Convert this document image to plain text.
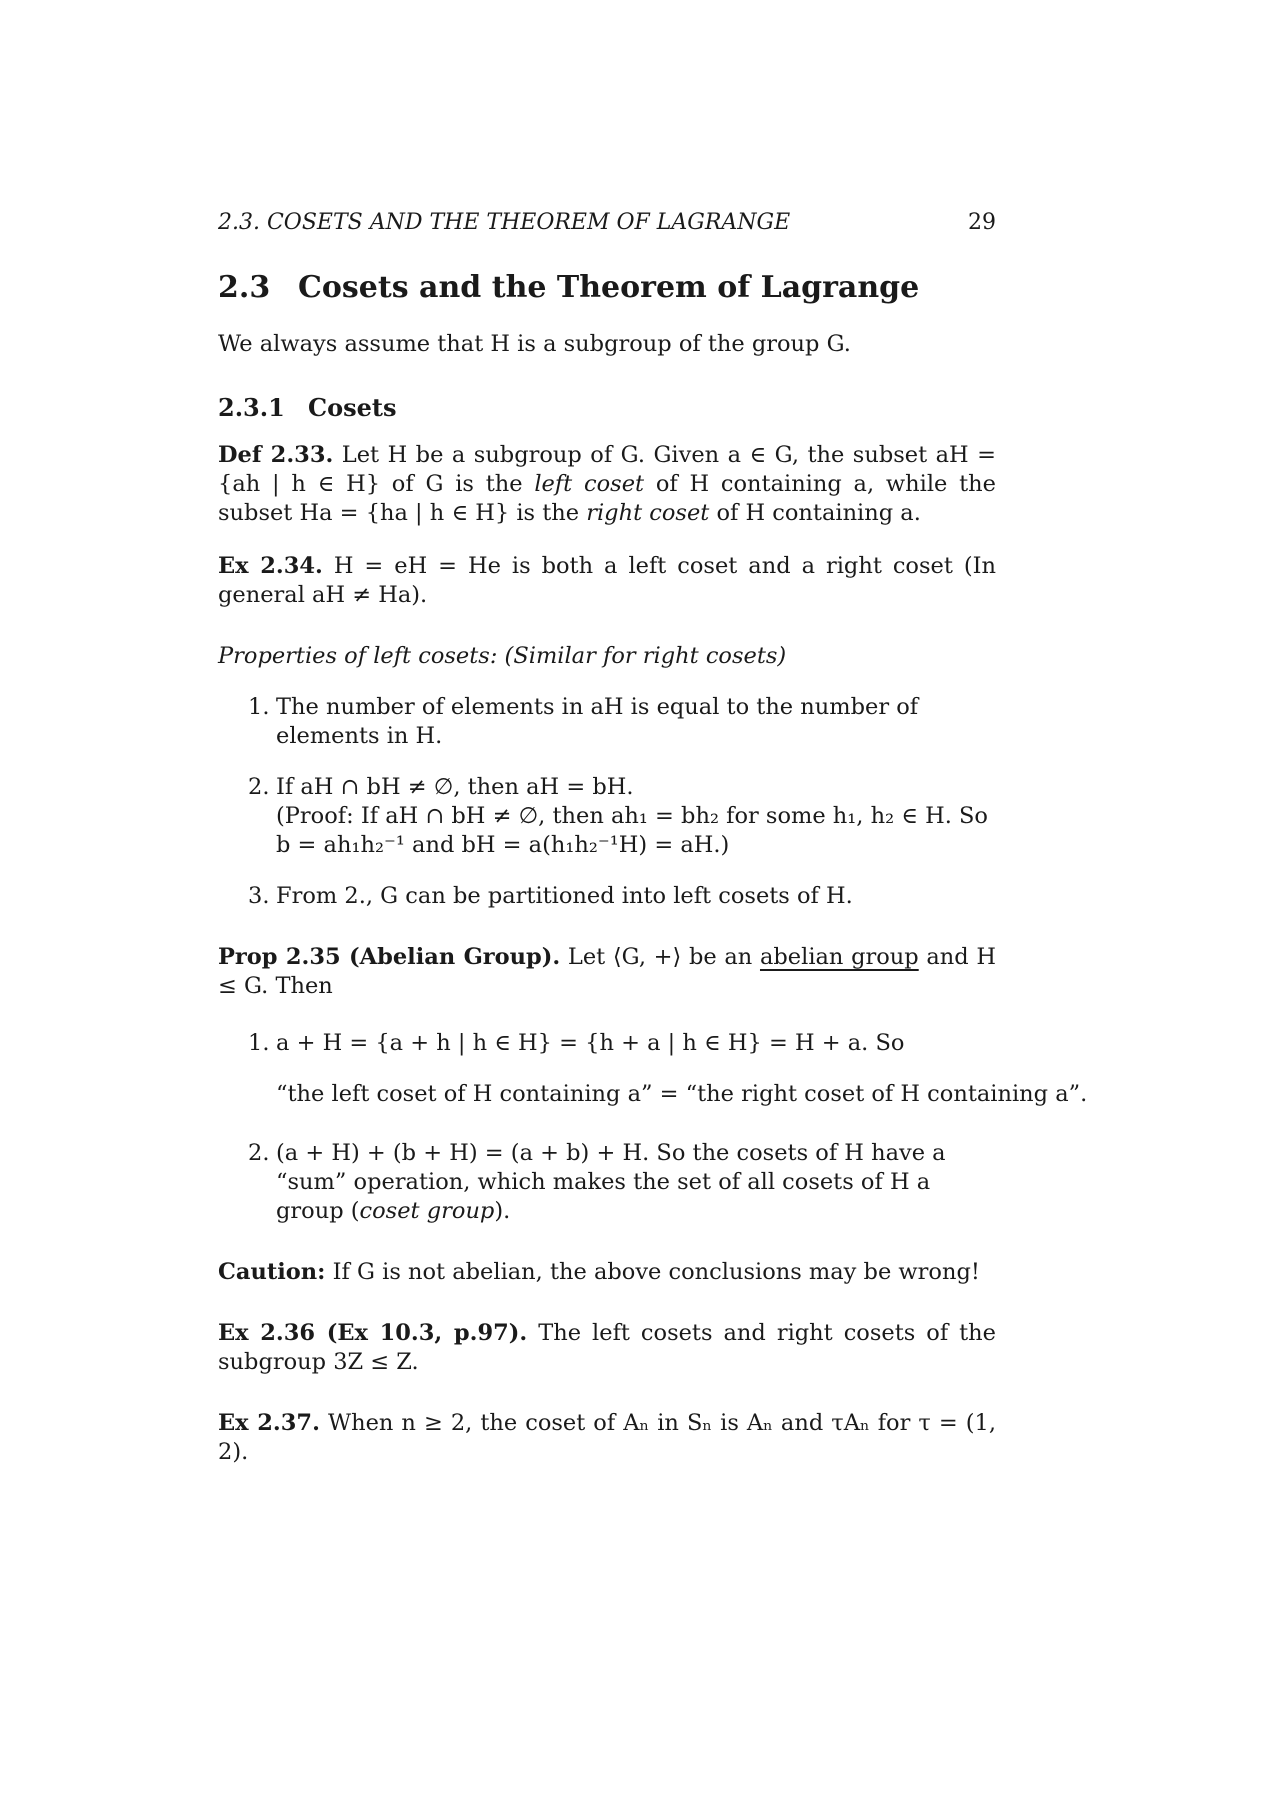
2.3. COSETS AND THE THEOREM OF LAGRANGE	29
2.3 Cosets and the Theorem of Lagrange

We always assume that H is a subgroup of the group G.

2.3.1 Cosets

Def 2.33. Let H be a subgroup of G. Given a ∈ G, the subset aH = {ah | h ∈ H} of G is the left coset of H containing a, while the subset Ha = {ha | h ∈ H} is the right coset of H containing a.

Ex 2.34. H = eH = He is both a left coset and a right coset (In general aH ≠ Ha).

Properties of left cosets: (Similar for right cosets)

1. The number of elements in aH is equal to the number of elements in H.
2. If aH ∩ bH ≠ ∅, then aH = bH.
(Proof: If aH ∩ bH ≠ ∅, then ah₁ = bh₂ for some h₁, h₂ ∈ H. So b = ah₁h₂⁻¹ and bH = a(h₁h₂⁻¹H) = aH.)
3. From 2., G can be partitioned into left cosets of H.

Prop 2.35 (Abelian Group). Let ⟨G, +⟩ be an abelian group and H ≤ G. Then

1. a + H = {a + h | h ∈ H} = {h + a | h ∈ H} = H + a. So
“the left coset of H containing a” = “the right coset of H containing a”.
2. (a + H) + (b + H) = (a + b) + H. So the cosets of H have a “sum” operation, which makes the set of all cosets of H a group (coset group).

Caution: If G is not abelian, the above conclusions may be wrong!

Ex 2.36 (Ex 10.3, p.97). The left cosets and right cosets of the subgroup 3Z ≤ Z.

Ex 2.37. When n ≥ 2, the coset of Aₙ in Sₙ is Aₙ and τAₙ for τ = (1, 2).
